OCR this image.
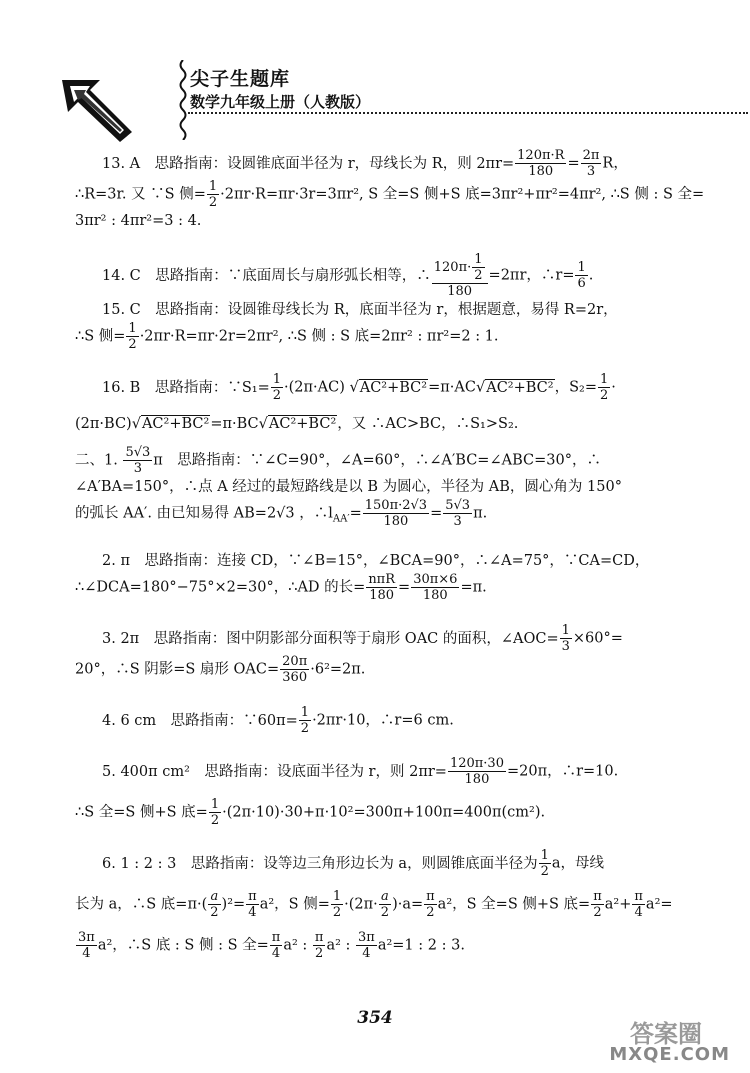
尖子生题库
数学九年级上册（人教版）

13. A　思路指南：设圆锥底面半径为 r，母线长为 R，则 $2\pi r= \frac{120\pi\cdot R}{180} = \frac{2\pi}{3}$ R，

∴R=3r. 又 ∵S 侧= $\frac{1}{2} \cdot 2\pi r\cdot R=\pi r\cdot 3r=3\pi r^2$, S 全=S 侧+S 底=3πr²+πr²=4πr², ∴S 侧 : S 全=

3πr² : 4πr²=3 : 4.

14. C　思路指南：∵底面周长与扇形弧长相等，∴ $\frac{120\pi\cdot \frac{1}{2}}{180} =2\pi r$，∴r= $\frac{1}{6}$ .

15. C　思路指南：设圆锥母线长为 R，底面半径为 r，根据题意，易得 R=2r，

∴S 侧= $\frac{1}{2} \cdot 2\pi r\cdot R=\pi r\cdot 2r=2\pi r^2$, ∴S 侧 : S 底=2πr² : πr²=2 : 1.

16. B　思路指南：∵S₁= $\frac{1}{2} \cdot(2\pi\cdot AC)$ √AC²+BC²=π·AC√AC²+BC²，$S_2= \frac{1}{2}$ ·

(2π·BC)√AC²+BC²=π·BC√AC²+BC²，又 ∴AC>BC，∴S₁>S₂.

二、1. $\frac{5√3}{3}$ π　思路指南：∵∠C=90°，∠A=60°，∴∠A′BC=∠ABC=30°，∴

∠A′BA=150°，∴点 A 经过的最短路线是以 B 为圆心，半径为 AB，圆心角为 150°

的弧长 AA′. 由已知易得 AB=2√3 ，$\therefore l_{AA'}= \frac{150\pi\cdot 2√3}{180} = \frac{5√3}{3} \pi$.

2. π　思路指南：连接 CD，∵∠B=15°，∠BCA=90°，∴∠A=75°，∵CA=CD，

∴∠DCA=180°−75°×2=30°，∴AD 的长= $\frac{\text{nπR}}{180} = \frac{30\pi\times 6}{180} =\pi$.

3. 2π　思路指南：图中阴影部分面积等于扇形 OAC 的面积，∠AOC= $\frac{1}{3} \times 60^\circ=$

20°，∴S 阴影=S 扇形 $OAC= \frac{20\pi}{360} \cdot 6^2=2\pi$.

4. 6 cm　思路指南：∵60π= $\frac{1}{2} \cdot 2\pi r\cdot 10$，∴r=6 cm.

5. 400π cm²　思路指南：设底面半径为 r，则 $2\pi r= \frac{120\pi\cdot 30}{180} =20\pi$，∴r=10.

∴S 全=S 侧+S 底= $\frac{1}{2} \cdot(2\pi\cdot 10)\cdot 30+\pi\cdot 10^2=300\pi+100\pi=400\pi(cm^2)$.

6. 1 : 2 : 3　思路指南：设等边三角形边长为 a，则圆锥底面半径为 $\frac{1}{2}$ a，母线

长为 a，∴S 底$=\pi\cdot( \frac{a}{2} )^2= \frac{\pi}{4} a^2$，S 侧= $\frac{1}{2} \cdot(2\pi\cdot \frac{a}{2} )\cdot a= \frac{\pi}{2} a^2$，S 全=S 侧+S 底= $\frac{\pi}{2} a^2+ \frac{\pi}{4} a^2=$

$\frac{3\pi}{4} a^2$，∴S 底 : S 侧 : S 全= $\frac{\pi}{4} a^2$ : $\frac{\pi}{2} a^2$ : $\frac{3\pi}{4} a^2=1$ : 2 : 3.

354
答案圈
MXQE.COM
